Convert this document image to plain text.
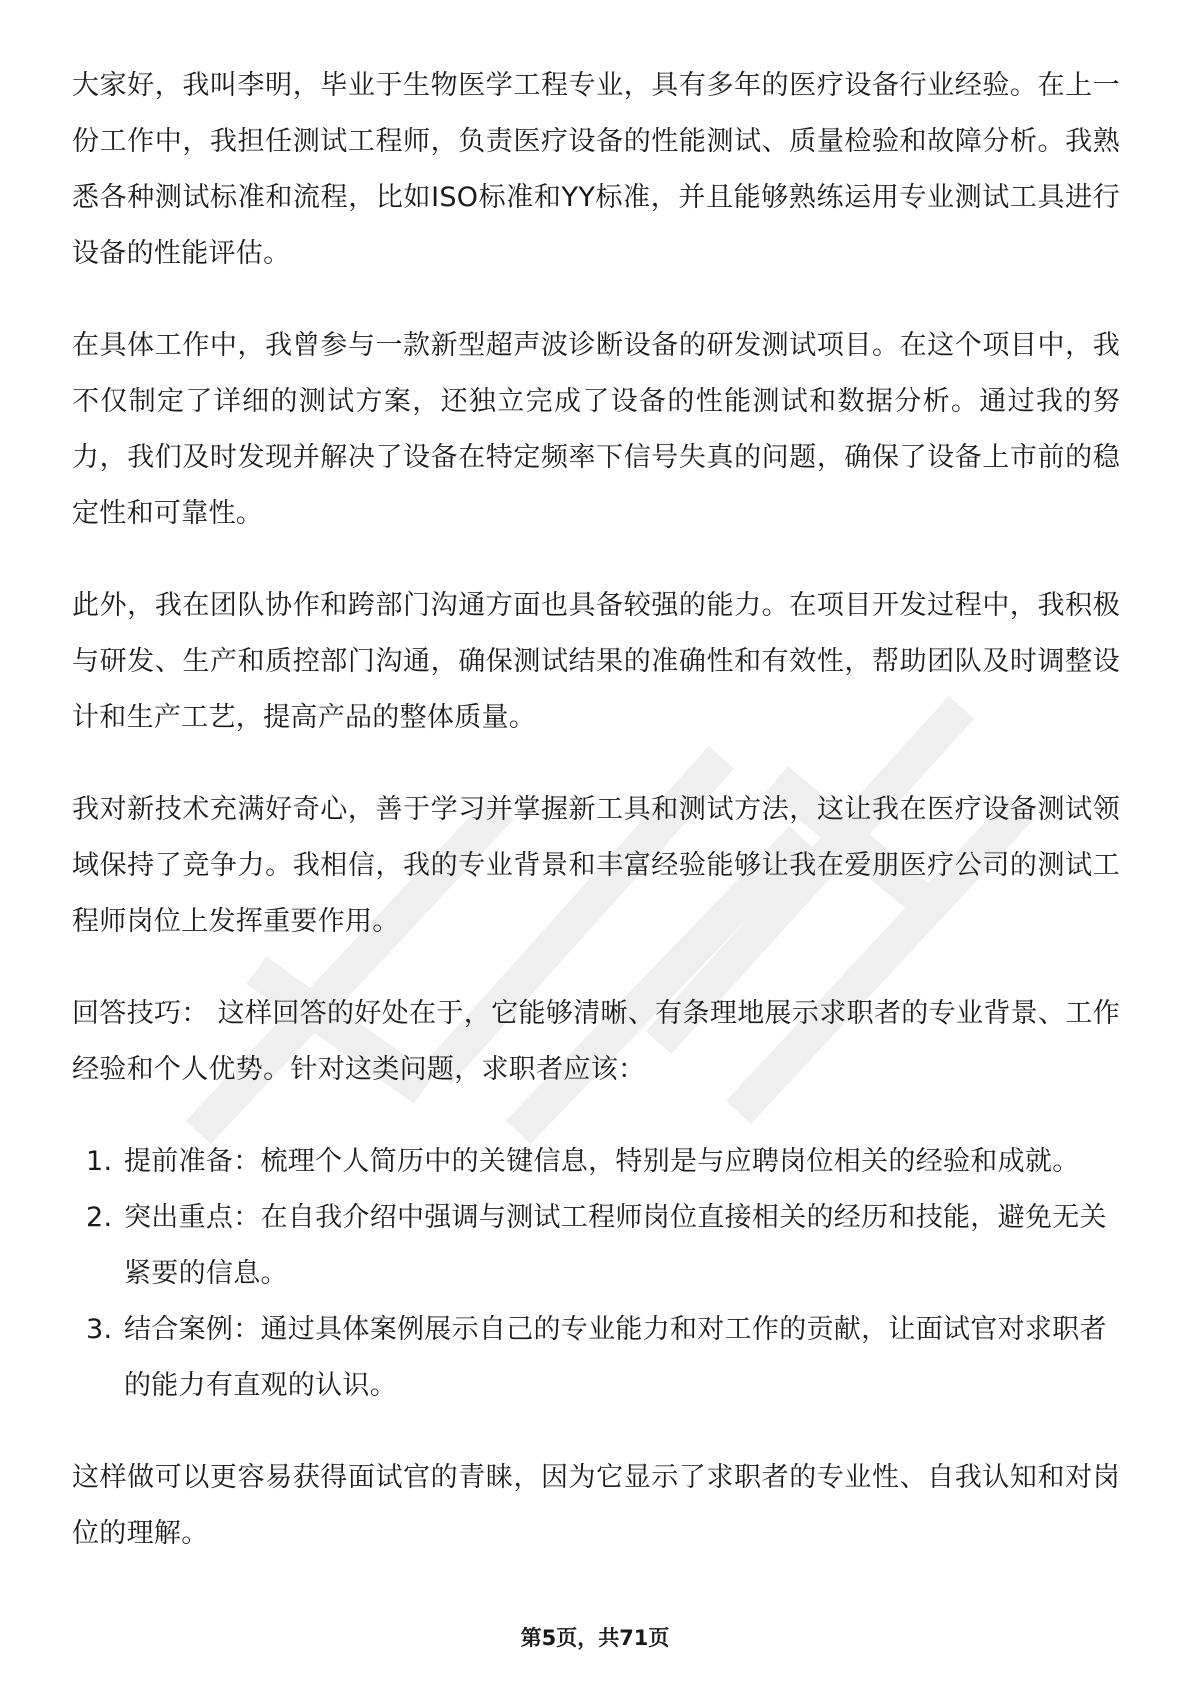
大家好，我叫李明，毕业于生物医学工程专业，具有多年的医疗设备行业经验。在上一份工作中，我担任测试工程师，负责医疗设备的性能测试、质量检验和故障分析。我熟悉各种测试标准和流程，比如ISO标准和YY标准，并且能够熟练运用专业测试工具进行设备的性能评估。

在具体工作中，我曾参与一款新型超声波诊断设备的研发测试项目。在这个项目中，我不仅制定了详细的测试方案，还独立完成了设备的性能测试和数据分析。通过我的努力，我们及时发现并解决了设备在特定频率下信号失真的问题，确保了设备上市前的稳定性和可靠性。

此外，我在团队协作和跨部门沟通方面也具备较强的能力。在项目开发过程中，我积极与研发、生产和质控部门沟通，确保测试结果的准确性和有效性，帮助团队及时调整设计和生产工艺，提高产品的整体质量。

我对新技术充满好奇心，善于学习并掌握新工具和测试方法，这让我在医疗设备测试领域保持了竞争力。我相信，我的专业背景和丰富经验能够让我在爱朋医疗公司的测试工程师岗位上发挥重要作用。

回答技巧： 这样回答的好处在于，它能够清晰、有条理地展示求职者的专业背景、工作经验和个人优势。针对这类问题，求职者应该：

1. 提前准备：梳理个人简历中的关键信息，特别是与应聘岗位相关的经验和成就。
2. 突出重点：在自我介绍中强调与测试工程师岗位直接相关的经历和技能，避免无关紧要的信息。
3. 结合案例：通过具体案例展示自己的专业能力和对工作的贡献，让面试官对求职者的能力有直观的认识。

这样做可以更容易获得面试官的青睐，因为它显示了求职者的专业性、自我认知和对岗位的理解。

第5页，共71页
